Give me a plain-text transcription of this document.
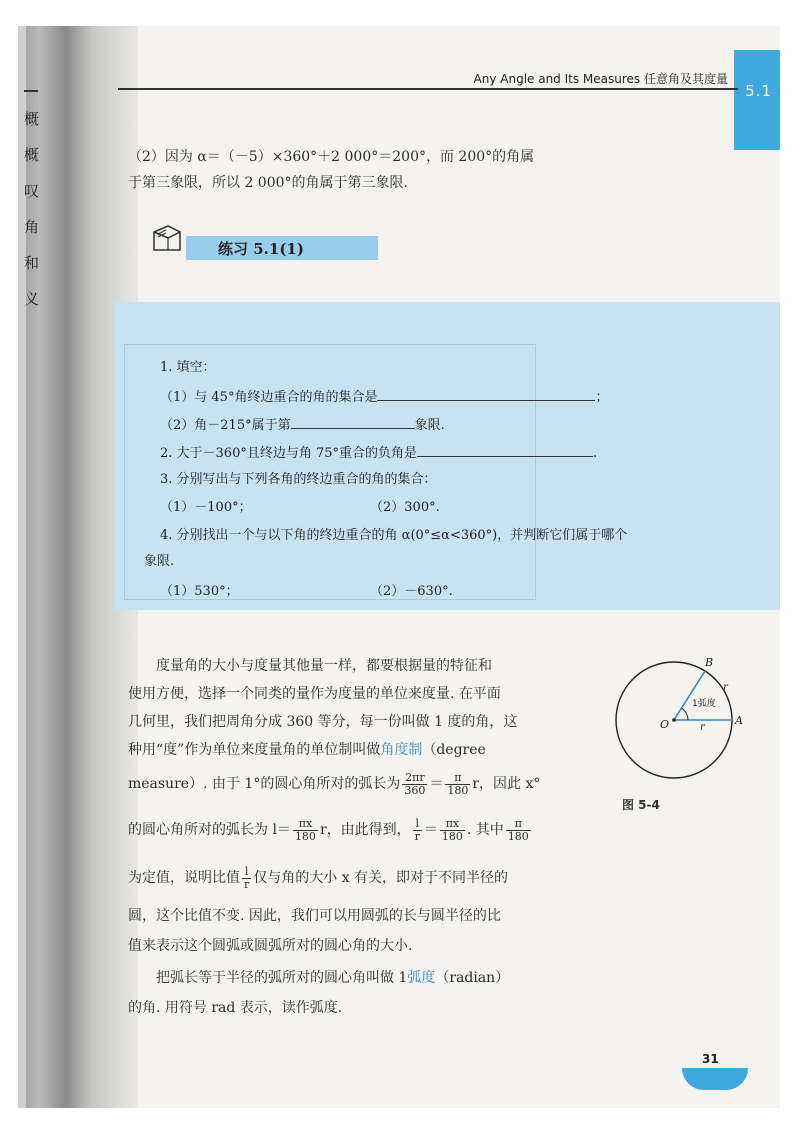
概
概
叹
角
和
义
5.1
Any Angle and Its Measures 任意角及其度量
（2）因为 α＝（－5）×360°＋2 000°＝200°，而 200°的角属
于第三象限，所以 2 000°的角属于第三象限.
练习 5.1(1)
1. 填空：
（1）与 45°角终边重合的角的集合是	；
（2）角－215°属于第	象限.
2. 大于－360°且终边与角 75°重合的负角是	.
3. 分别写出与下列各角的终边重合的角的集合：
（1）－100°；	（2）300°.
4. 分别找出一个与以下角的终边重合的角 α(0°≤α<360°)，并判断它们属于哪个
象限.
（1）530°；	（2）－630°.
度量角的大小与度量其他量一样，都要根据量的特征和
使用方便，选择一个同类的量作为度量的单位来度量. 在平面
几何里，我们把周角分成 360 等分，每一份叫做 1 度的角，这
种用“度”作为单位来度量角的单位制叫做角度制（degree
measure）. 由于 1°的圆心角所对的弧长为 $\frac{2\pi r}{360} = \frac{\pi}{180}$ r，因此 x°
的圆心角所对的弧长为 $l= \frac{\pi x}{180}$ r，由此得到， $\frac{l}{r} = \frac{\pi x}{180}$ . 其中 $\frac{\pi}{180}$
为定值，说明比值 $\frac{l}{r}$ 仅与角的大小 x 有关，即对于不同半径的
圆，这个比值不变. 因此，我们可以用圆弧的长与圆半径的比
值来表示这个圆弧或圆弧所对的圆心角的大小.
把弧长等于半径的弧所对的圆心角叫做 1弧度（radian）
的角. 用符号 rad 表示，读作弧度.
B
O	A
r
r
1弧度
图 5-4
31
